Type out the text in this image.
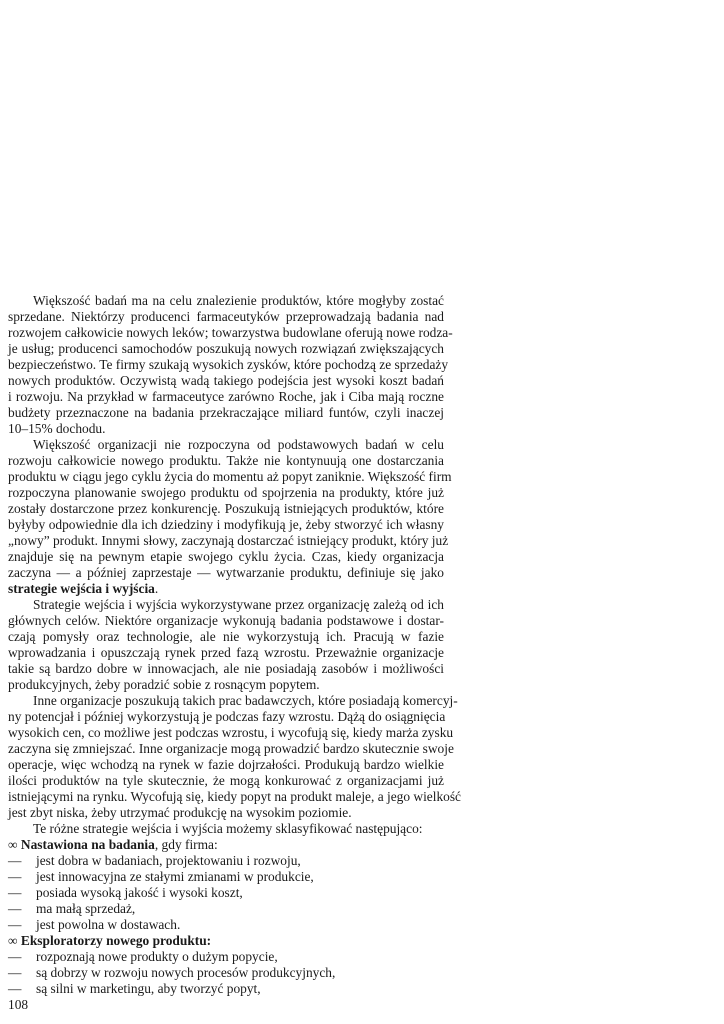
Większość badań ma na celu znalezienie produktów, które mogłyby zostać
sprzedane. Niektórzy producenci farmaceutyków przeprowadzają badania nad
rozwojem całkowicie nowych leków; towarzystwa budowlane oferują nowe rodza-
je usług; producenci samochodów poszukują nowych rozwiązań zwiększających
bezpieczeństwo. Te firmy szukają wysokich zysków, które pochodzą ze sprzedaży
nowych produktów. Oczywistą wadą takiego podejścia jest wysoki koszt badań
i rozwoju. Na przykład w farmaceutyce zarówno Roche, jak i Ciba mają roczne
budżety przeznaczone na badania przekraczające miliard funtów, czyli inaczej
10–15% dochodu.
Większość organizacji nie rozpoczyna od podstawowych badań w celu
rozwoju całkowicie nowego produktu. Także nie kontynuują one dostarczania
produktu w ciągu jego cyklu życia do momentu aż popyt zaniknie. Większość firm
rozpoczyna planowanie swojego produktu od spojrzenia na produkty, które już
zostały dostarczone przez konkurencję. Poszukują istniejących produktów, które
byłyby odpowiednie dla ich dziedziny i modyfikują je, żeby stworzyć ich własny
„nowy” produkt. Innymi słowy, zaczynają dostarczać istniejący produkt, który już
znajduje się na pewnym etapie swojego cyklu życia. Czas, kiedy organizacja
zaczyna — a później zaprzestaje — wytwarzanie produktu, definiuje się jako
strategie wejścia i wyjścia.
Strategie wejścia i wyjścia wykorzystywane przez organizację zależą od ich
głównych celów. Niektóre organizacje wykonują badania podstawowe i dostar-
czają pomysły oraz technologie, ale nie wykorzystują ich. Pracują w fazie
wprowadzania i opuszczają rynek przed fazą wzrostu. Przeważnie organizacje
takie są bardzo dobre w innowacjach, ale nie posiadają zasobów i możliwości
produkcyjnych, żeby poradzić sobie z rosnącym popytem.
Inne organizacje poszukują takich prac badawczych, które posiadają komercyj-
ny potencjał i później wykorzystują je podczas fazy wzrostu. Dążą do osiągnięcia
wysokich cen, co możliwe jest podczas wzrostu, i wycofują się, kiedy marża zysku
zaczyna się zmniejszać. Inne organizacje mogą prowadzić bardzo skutecznie swoje
operacje, więc wchodzą na rynek w fazie dojrzałości. Produkują bardzo wielkie
ilości produktów na tyle skutecznie, że mogą konkurować z organizacjami już
istniejącymi na rynku. Wycofują się, kiedy popyt na produkt maleje, a jego wielkość
jest zbyt niska, żeby utrzymać produkcję na wysokim poziomie.
Te różne strategie wejścia i wyjścia możemy sklasyfikować następująco:
∞ Nastawiona na badania, gdy firma:
— jest dobra w badaniach, projektowaniu i rozwoju,
— jest innowacyjna ze stałymi zmianami w produkcie,
— posiada wysoką jakość i wysoki koszt,
— ma małą sprzedaż,
— jest powolna w dostawach.
∞ Eksploratorzy nowego produktu:
— rozpoznają nowe produkty o dużym popycie,
— są dobrzy w rozwoju nowych procesów produkcyjnych,
— są silni w marketingu, aby tworzyć popyt,
108
